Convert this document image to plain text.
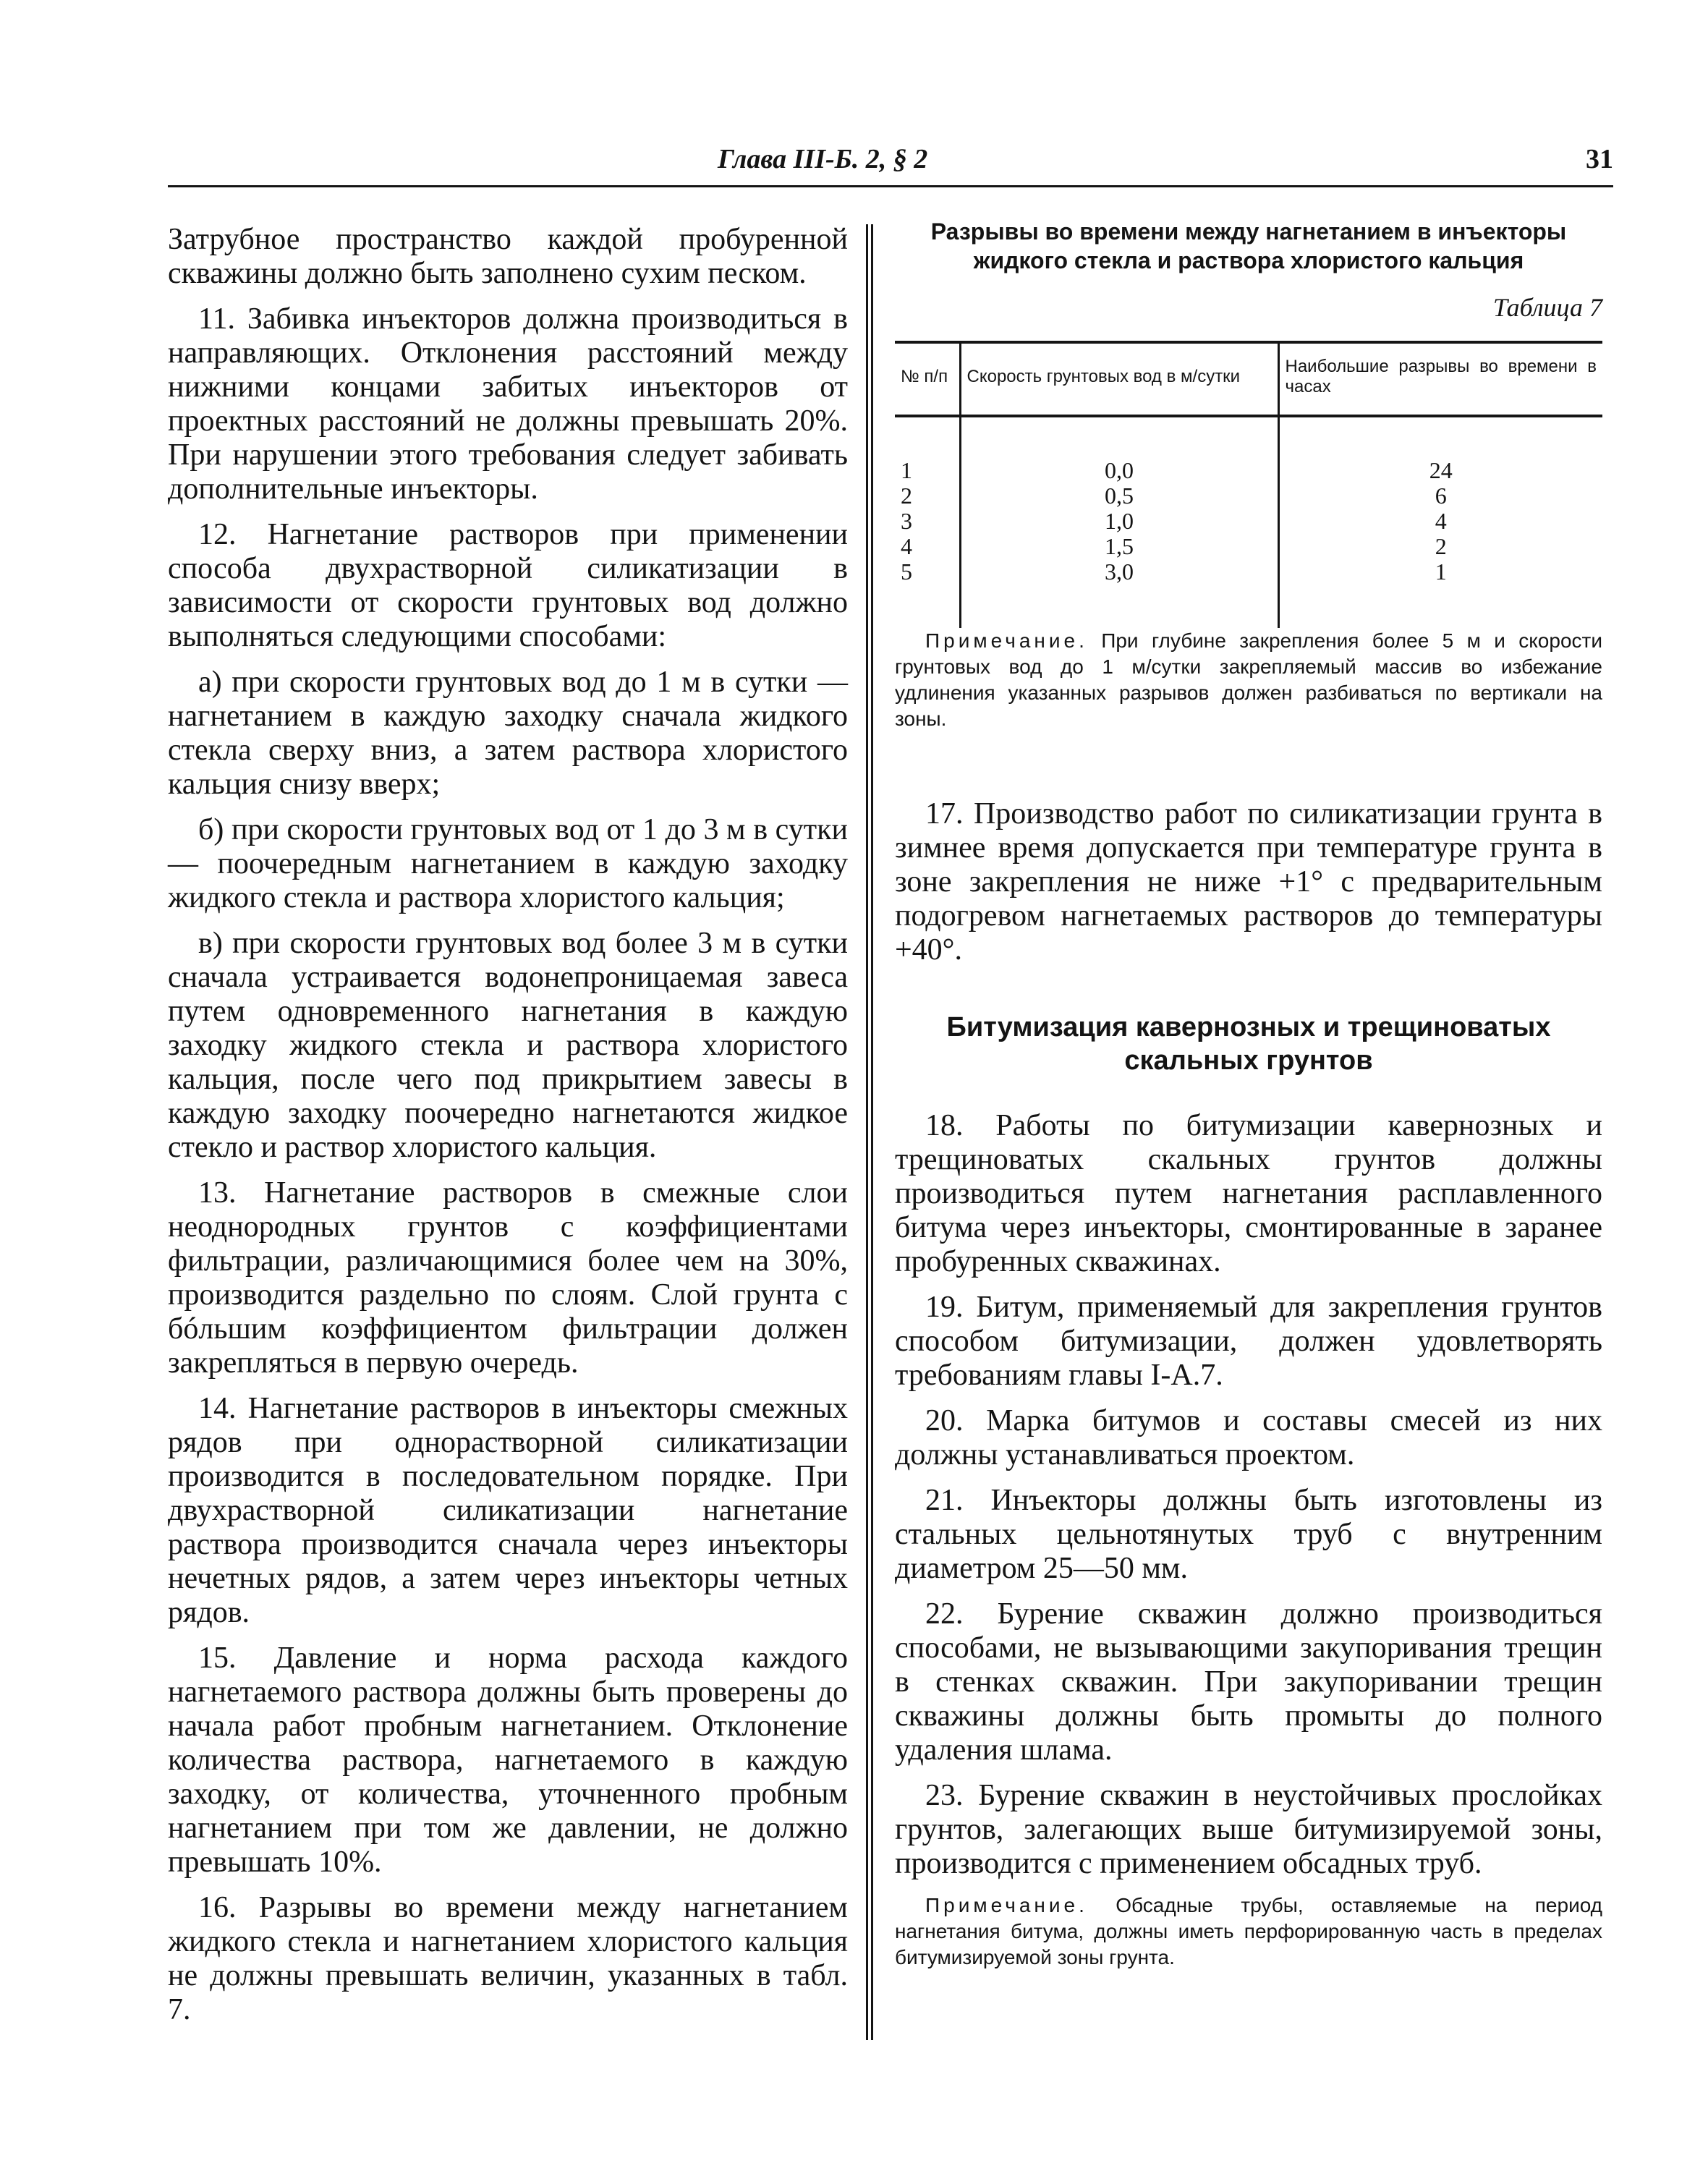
Глава III-Б. 2, § 2	31

Затрубное пространство каждой пробуренной скважины должно быть заполнено сухим песком.

11. Забивка инъекторов должна производиться в направляющих. Отклонения расстояний между нижними концами забитых инъекторов от проектных расстояний не должны превышать 20%. При нарушении этого требования следует забивать дополнительные инъекторы.

12. Нагнетание растворов при применении способа двухрастворной силикатизации в зависимости от скорости грунтовых вод должно выполняться следующими способами:

а) при скорости грунтовых вод до 1 м в сутки — нагнетанием в каждую заходку сначала жидкого стекла сверху вниз, а затем раствора хлористого кальция снизу вверх;

б) при скорости грунтовых вод от 1 до 3 м в сутки — поочередным нагнетанием в каждую заходку жидкого стекла и раствора хлористого кальция;

в) при скорости грунтовых вод более 3 м в сутки сначала устраивается водонепроницаемая завеса путем одновременного нагнетания в каждую заходку жидкого стекла и раствора хлористого кальция, после чего под прикрытием завесы в каждую заходку поочередно нагнетаются жидкое стекло и раствор хлористого кальция.

13. Нагнетание растворов в смежные слои неоднородных грунтов с коэффициентами фильтрации, различающимися более чем на 30%, производится раздельно по слоям. Слой грунта с бóльшим коэффициентом фильтрации должен закрепляться в первую очередь.

14. Нагнетание растворов в инъекторы смежных рядов при однорастворной силикатизации производится в последовательном порядке. При двухрастворной силикатизации нагнетание раствора производится сначала через инъекторы нечетных рядов, а затем через инъекторы четных рядов.

15. Давление и норма расхода каждого нагнетаемого раствора должны быть проверены до начала работ пробным нагнетанием. Отклонение количества раствора, нагнетаемого в каждую заходку, от количества, уточненного пробным нагнетанием при том же давлении, не должно превышать 10%.

16. Разрывы во времени между нагнетанием жидкого стекла и нагнетанием хлористого кальция не должны превышать величин, указанных в табл. 7.

Разрывы во времени между нагнетанием в инъекторы жидкого стекла и раствора хлористого кальция
Таблица 7
№ п/п	Скорость грунтовых вод в м/сутки	Наибольшие разрывы во времени в часах
1	0,0	24
2	0,5	6
3	1,0	4
4	1,5	2
5	3,0	1

Примечание. При глубине закрепления более 5 м и скорости грунтовых вод до 1 м/сутки закрепляемый массив во избежание удлинения указанных разрывов должен разбиваться по вертикали на зоны.

17. Производство работ по силикатизации грунта в зимнее время допускается при температуре грунта в зоне закрепления не ниже +1° с предварительным подогревом нагнетаемых растворов до температуры +40°.

Битумизация кавернозных и трещиноватых скальных грунтов

18. Работы по битумизации кавернозных и трещиноватых скальных грунтов должны производиться путем нагнетания расплавленного битума через инъекторы, смонтированные в заранее пробуренных скважинах.

19. Битум, применяемый для закрепления грунтов способом битумизации, должен удовлетворять требованиям главы I-А.7.

20. Марка битумов и составы смесей из них должны устанавливаться проектом.

21. Инъекторы должны быть изготовлены из стальных цельнотянутых труб с внутренним диаметром 25—50 мм.

22. Бурение скважин должно производиться способами, не вызывающими закупоривания трещин в стенках скважин. При закупоривании трещин скважины должны быть промыты до полного удаления шлама.

23. Бурение скважин в неустойчивых прослойках грунтов, залегающих выше битумизируемой зоны, производится с применением обсадных труб.

Примечание. Обсадные трубы, оставляемые на период нагнетания битума, должны иметь перфорированную часть в пределах битумизируемой зоны грунта.
